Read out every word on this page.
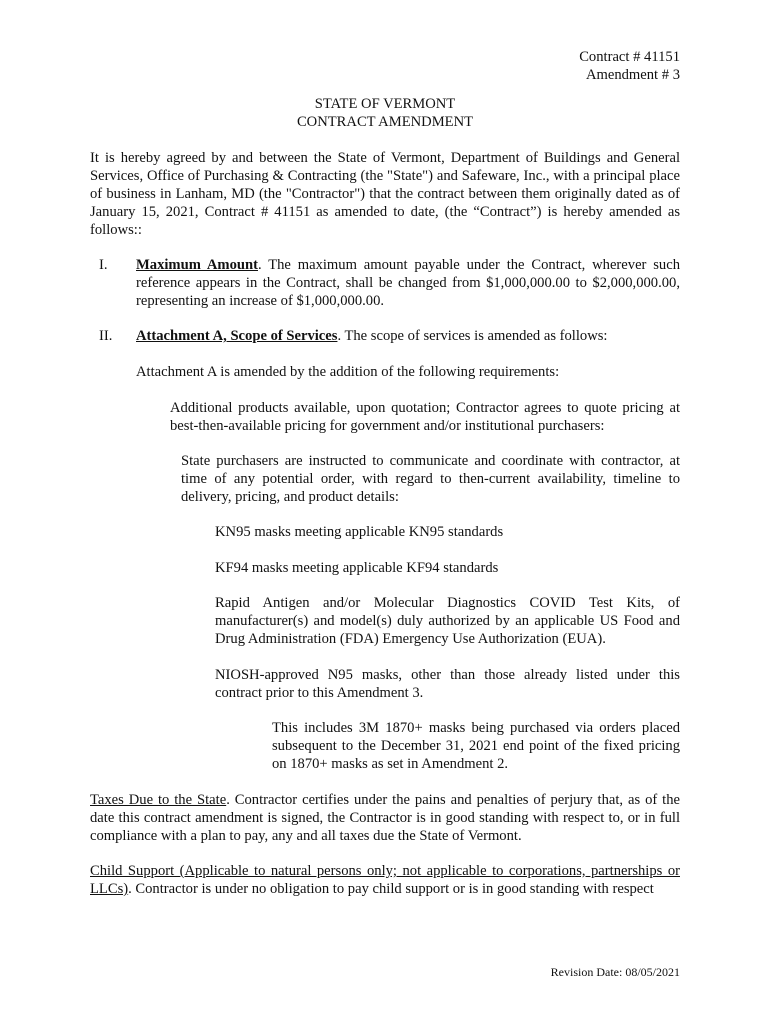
Contract # 41151
Amendment # 3
STATE OF VERMONT
CONTRACT AMENDMENT
It is hereby agreed by and between the State of Vermont, Department of Buildings and General Services, Office of Purchasing & Contracting (the "State") and Safeware, Inc., with a principal place of business in Lanham, MD (the "Contractor") that the contract between them originally dated as of January 15, 2021, Contract # 41151 as amended to date, (the “Contract”) is hereby amended as follows::
I. Maximum Amount. The maximum amount payable under the Contract, wherever such reference appears in the Contract, shall be changed from $1,000,000.00 to $2,000,000.00, representing an increase of $1,000,000.00.
II. Attachment A, Scope of Services. The scope of services is amended as follows:
Attachment A is amended by the addition of the following requirements:
Additional products available, upon quotation; Contractor agrees to quote pricing at best-then-available pricing for government and/or institutional purchasers:
State purchasers are instructed to communicate and coordinate with contractor, at time of any potential order, with regard to then-current availability, timeline to delivery, pricing, and product details:
KN95 masks meeting applicable KN95 standards
KF94 masks meeting applicable KF94 standards
Rapid Antigen and/or Molecular Diagnostics COVID Test Kits, of manufacturer(s) and model(s) duly authorized by an applicable US Food and Drug Administration (FDA) Emergency Use Authorization (EUA).
NIOSH-approved N95 masks, other than those already listed under this contract prior to this Amendment 3.
This includes 3M 1870+ masks being purchased via orders placed subsequent to the December 31, 2021 end point of the fixed pricing on 1870+ masks as set in Amendment 2.
Taxes Due to the State. Contractor certifies under the pains and penalties of perjury that, as of the date this contract amendment is signed, the Contractor is in good standing with respect to, or in full compliance with a plan to pay, any and all taxes due the State of Vermont.
Child Support (Applicable to natural persons only; not applicable to corporations, partnerships or LLCs). Contractor is under no obligation to pay child support or is in good standing with respect
Revision Date: 08/05/2021
